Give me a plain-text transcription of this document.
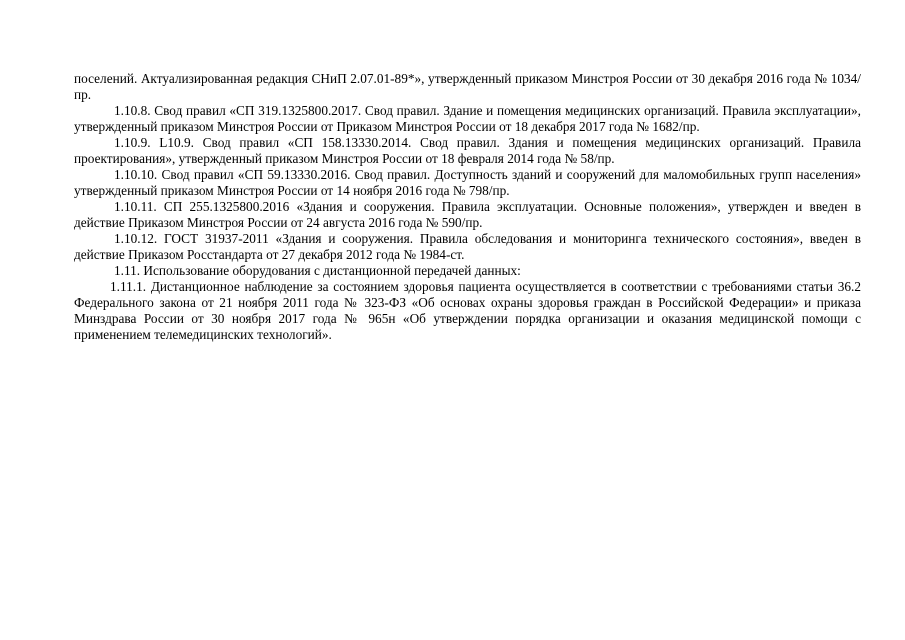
поселений. Актуализированная редакция СНиП 2.07.01-89*», утвержденный приказом Минстроя России от 30 декабря 2016 года № 1034/пр.

1.10.8. Свод правил «СП 319.1325800.2017. Свод правил. Здание и помещения медицинских организаций. Правила эксплуатации», утвержденный приказом Минстроя России от Приказом Минстроя России от 18 декабря 2017 года № 1682/пр.

1.10.9. L10.9. Свод правил «СП 158.13330.2014. Свод правил. Здания и помещения медицинских организаций. Правила проектирования», утвержденный приказом Минстроя России от 18 февраля 2014 года № 58/пр.

1.10.10. Свод правил «СП 59.13330.2016. Свод правил. Доступность зданий и сооружений для маломобильных групп населения» утвержденный приказом Минстроя России от 14 ноября 2016 года № 798/пр.

1.10.11. СП 255.1325800.2016 «Здания и сооружения. Правила эксплуатации. Основные положения», утвержден и введен в действие Приказом Минстроя России от 24 августа 2016 года № 590/пр.

1.10.12. ГОСТ 31937-2011 «Здания и сооружения. Правила обследования и мониторинга технического состояния», введен в действие Приказом Росстандарта от 27 декабря 2012 года № 1984-ст.

1.11. Использование оборудования с дистанционной передачей данных:

1.11.1. Дистанционное наблюдение за состоянием здоровья пациента осуществляется в соответствии с требованиями статьи 36.2 Федерального закона от 21 ноября 2011 года № 323-ФЗ «Об основах охраны здоровья граждан в Российской Федерации» и приказа Минздрава России от 30 ноября 2017 года № 965н «Об утверждении порядка организации и оказания медицинской помощи с применением телемедицинских технологий».
